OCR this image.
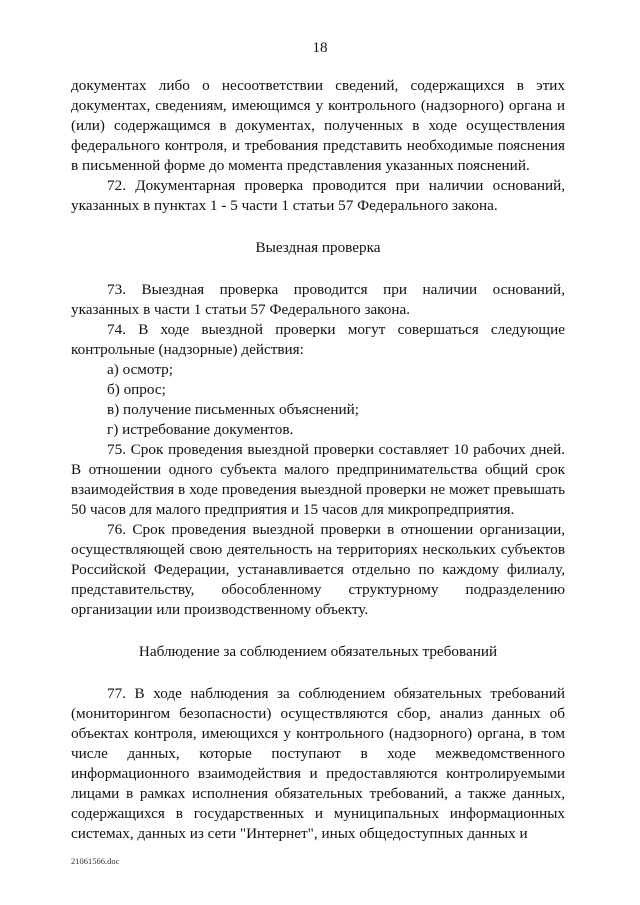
18

документах либо о несоответствии сведений, содержащихся в этих документах, сведениям, имеющимся у контрольного (надзорного) органа и (или) содержащимся в документах, полученных в ходе осуществления федерального контроля, и требования представить необходимые пояснения в письменной форме до момента представления указанных пояснений.

72. Документарная проверка проводится при наличии оснований, указанных в пунктах 1 - 5 части 1 статьи 57 Федерального закона.

Выездная проверка

73. Выездная проверка проводится при наличии оснований, указанных в части 1 статьи 57 Федерального закона.

74. В ходе выездной проверки могут совершаться следующие контрольные (надзорные) действия:

а) осмотр;

б) опрос;

в) получение письменных объяснений;

г) истребование документов.

75. Срок проведения выездной проверки составляет 10 рабочих дней. В отношении одного субъекта малого предпринимательства общий срок взаимодействия в ходе проведения выездной проверки не может превышать 50 часов для малого предприятия и 15 часов для микропредприятия.

76. Срок проведения выездной проверки в отношении организации, осуществляющей свою деятельность на территориях нескольких субъектов Российской Федерации, устанавливается отдельно по каждому филиалу, представительству, обособленному структурному подразделению организации или производственному объекту.

Наблюдение за соблюдением обязательных требований

77. В ходе наблюдения за соблюдением обязательных требований (мониторингом безопасности) осуществляются сбор, анализ данных об объектах контроля, имеющихся у контрольного (надзорного) органа, в том числе данных, которые поступают в ходе межведомственного информационного взаимодействия и предоставляются контролируемыми лицами в рамках исполнения обязательных требований, а также данных, содержащихся в государственных и муниципальных информационных системах, данных из сети "Интернет", иных общедоступных данных и

21061566.doc
